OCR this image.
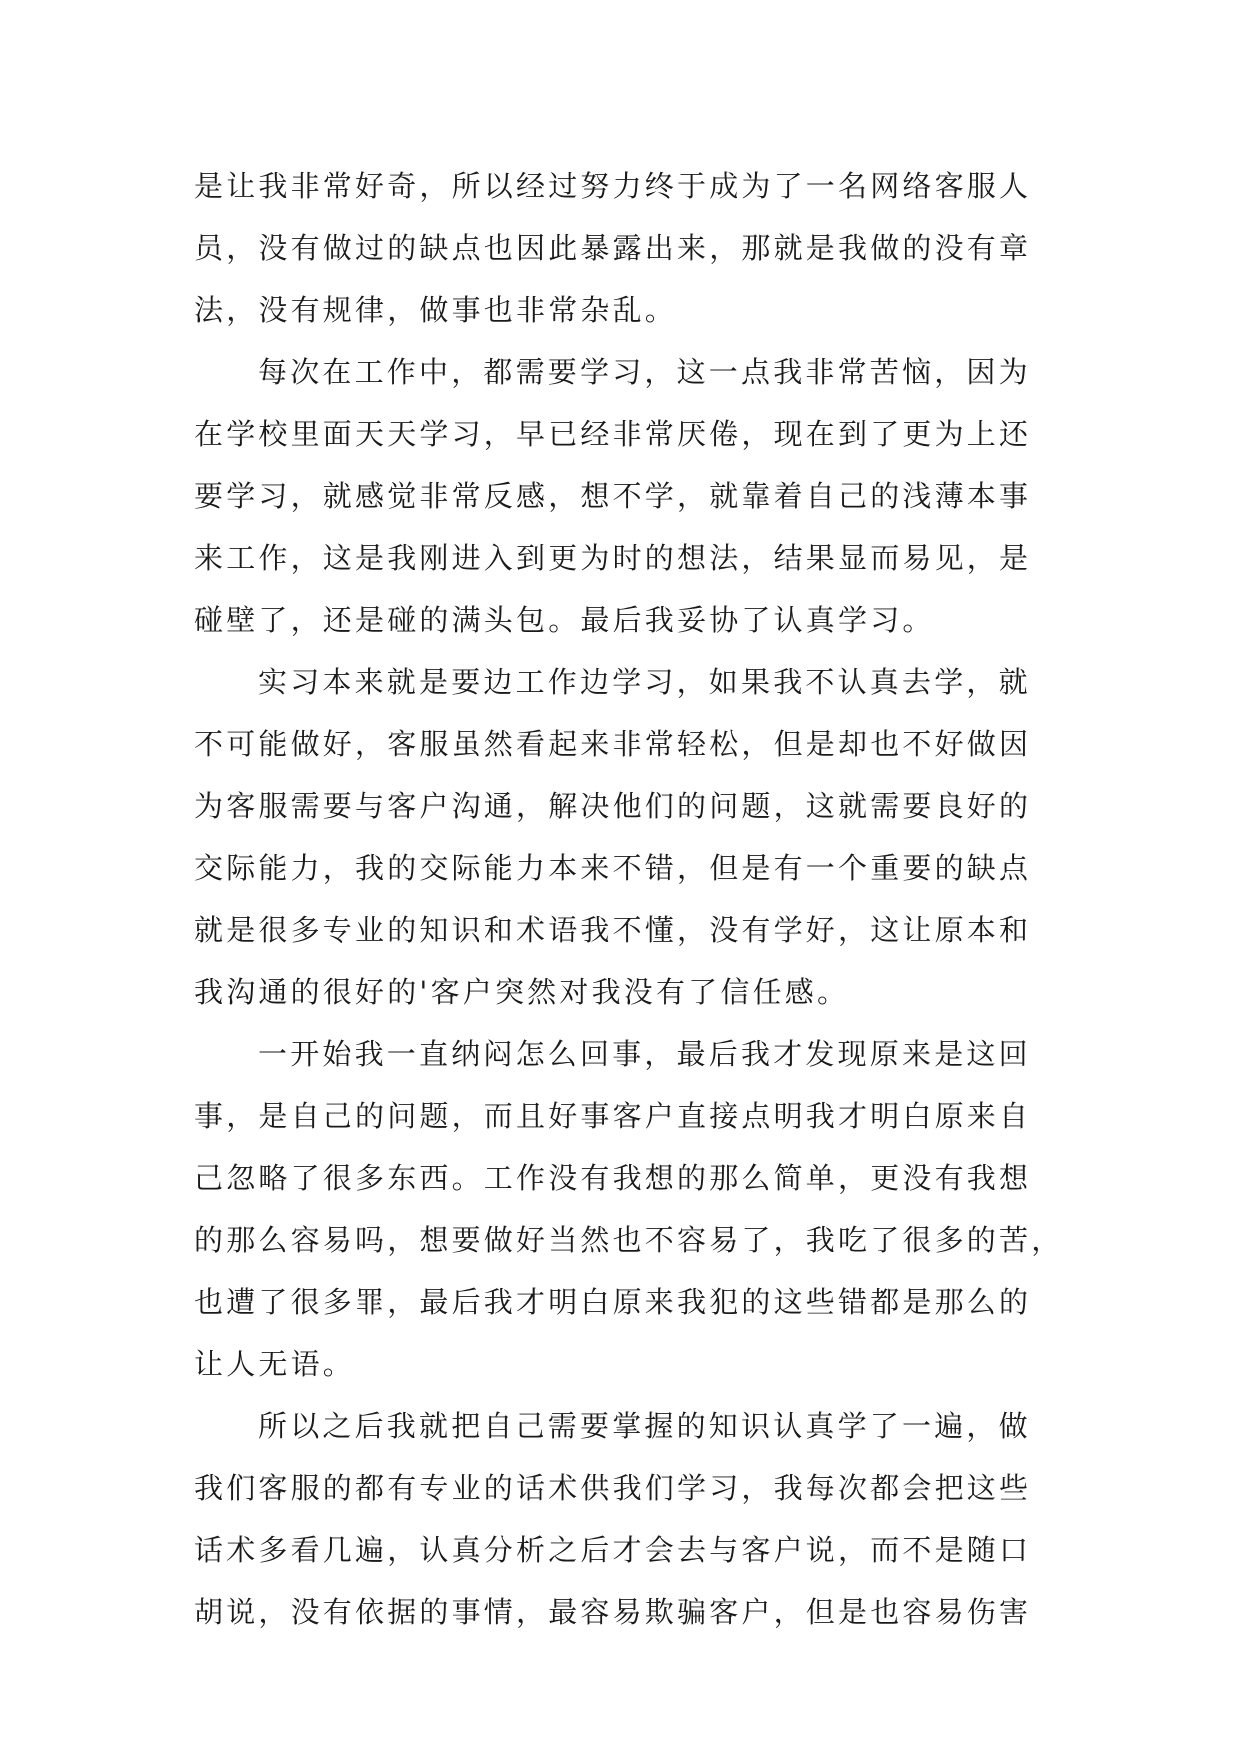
是让我非常好奇，所以经过努力终于成为了一名网络客服人
员，没有做过的缺点也因此暴露出来，那就是我做的没有章
法，没有规律，做事也非常杂乱。
每次在工作中，都需要学习，这一点我非常苦恼，因为
在学校里面天天学习，早已经非常厌倦，现在到了更为上还
要学习，就感觉非常反感，想不学，就靠着自己的浅薄本事
来工作，这是我刚进入到更为时的想法，结果显而易见，是
碰壁了，还是碰的满头包。最后我妥协了认真学习。
实习本来就是要边工作边学习，如果我不认真去学，就
不可能做好，客服虽然看起来非常轻松，但是却也不好做因
为客服需要与客户沟通，解决他们的问题，这就需要良好的
交际能力，我的交际能力本来不错，但是有一个重要的缺点
就是很多专业的知识和术语我不懂，没有学好，这让原本和
我沟通的很好的'客户突然对我没有了信任感。
一开始我一直纳闷怎么回事，最后我才发现原来是这回
事，是自己的问题，而且好事客户直接点明我才明白原来自
己忽略了很多东西。工作没有我想的那么简单，更没有我想
的那么容易吗，想要做好当然也不容易了，我吃了很多的苦，
也遭了很多罪，最后我才明白原来我犯的这些错都是那么的
让人无语。
所以之后我就把自己需要掌握的知识认真学了一遍，做
我们客服的都有专业的话术供我们学习，我每次都会把这些
话术多看几遍，认真分析之后才会去与客户说，而不是随口
胡说，没有依据的事情，最容易欺骗客户，但是也容易伤害
